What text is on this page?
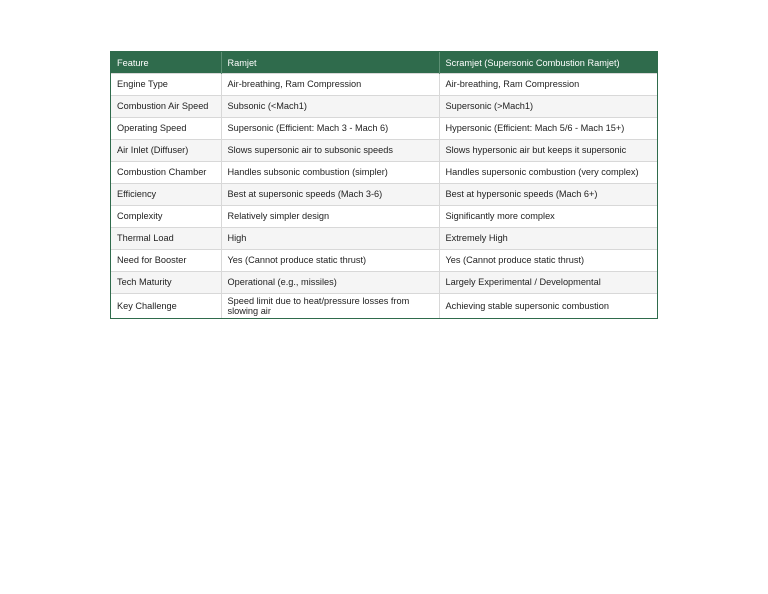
Feature	Ramjet	Scramjet (Supersonic Combustion Ramjet)
Engine Type	Air-breathing, Ram Compression	Air-breathing, Ram Compression
Combustion Air Speed	Subsonic (<Mach1)	Supersonic (>Mach1)
Operating Speed	Supersonic (Efficient: Mach 3 - Mach 6)	Hypersonic (Efficient: Mach 5/6 - Mach 15+)
Air Inlet (Diffuser)	Slows supersonic air to subsonic speeds	Slows hypersonic air but keeps it supersonic
Combustion Chamber	Handles subsonic combustion (simpler)	Handles supersonic combustion (very complex)
Efficiency	Best at supersonic speeds (Mach 3-6)	Best at hypersonic speeds (Mach 6+)
Complexity	Relatively simpler design	Significantly more complex
Thermal Load	High	Extremely High
Need for Booster	Yes (Cannot produce static thrust)	Yes (Cannot produce static thrust)
Tech Maturity	Operational (e.g., missiles)	Largely Experimental / Developmental
Key Challenge	Speed limit due to heat/pressure losses from slowing air	Achieving stable supersonic combustion
